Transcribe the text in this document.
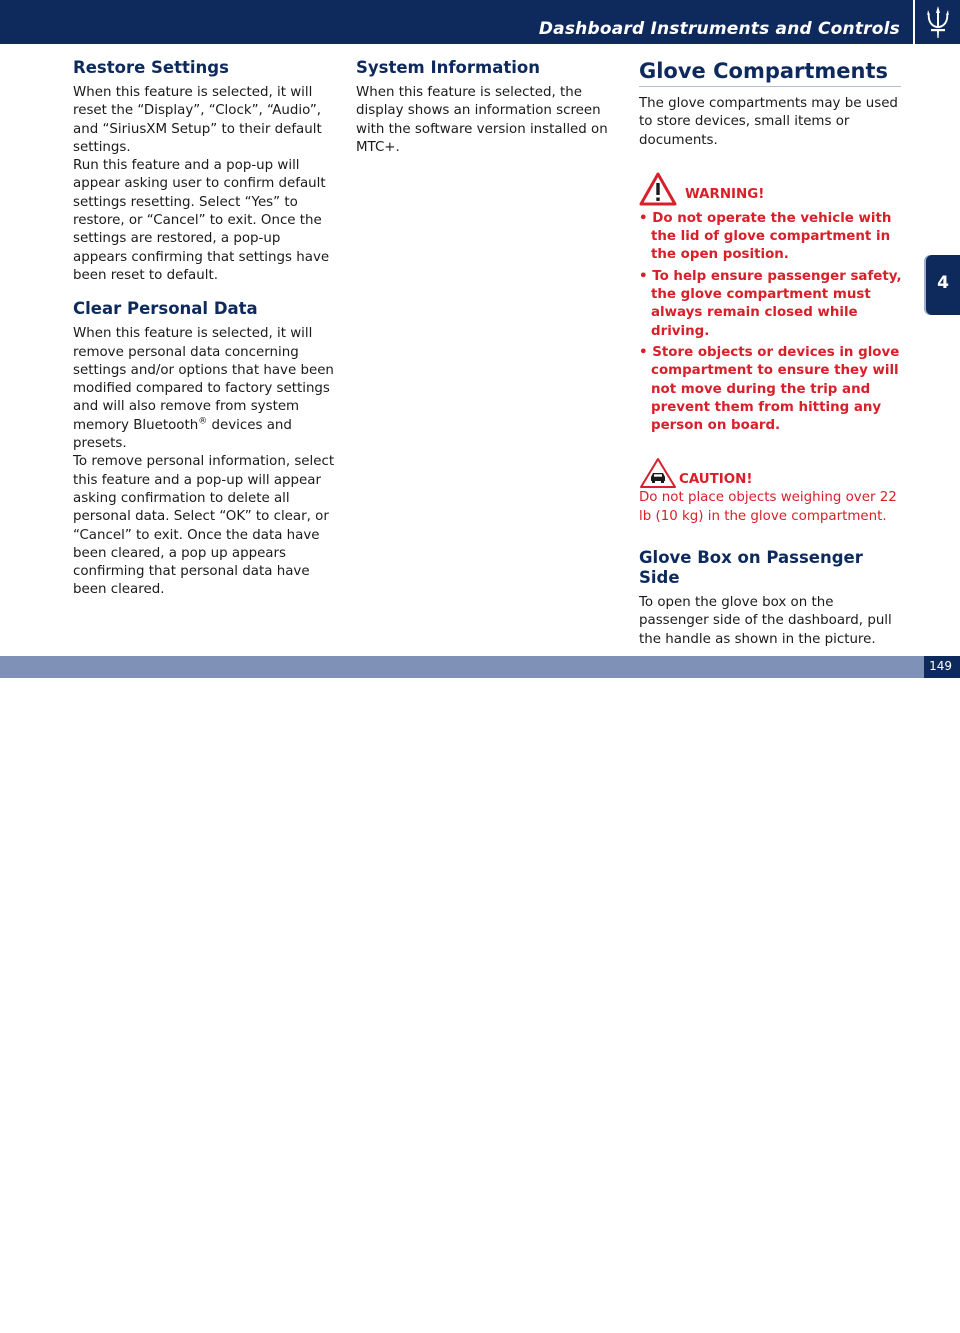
Dashboard Instruments and Controls
Restore Settings

When this feature is selected, it will reset the “Display”, “Clock”, “Audio”, and “SiriusXM Setup” to their default settings.

Run this feature and a pop-up will appear asking user to confirm default settings resetting. Select “Yes” to restore, or “Cancel” to exit. Once the settings are restored, a pop-up appears confirming that settings have been reset to default.

Clear Personal Data

When this feature is selected, it will remove personal data concerning settings and/or options that have been modified compared to factory settings and will also remove from system memory Bluetooth® devices and presets.

To remove personal information, select this feature and a pop-up will appear asking confirmation to delete all personal data. Select “OK” to clear, or “Cancel” to exit. Once the data have been cleared, a pop up appears confirming that personal data have been cleared.

System Information

When this feature is selected, the display shows an information screen with the software version installed on MTC+.

Glove Compartments

The glove compartments may be used to store devices, small items or documents.

WARNING!
• Do not operate the vehicle with the lid of glove compartment in the open position.
• To help ensure passenger safety, the glove compartment must always remain closed while driving.
• Store objects or devices in glove compartment to ensure they will not move during the trip and prevent them from hitting any person on board.
CAUTION!

Do not place objects weighing over 22 lb (10 kg) in the glove compartment.

Glove Box on Passenger Side

To open the glove box on the passenger side of the dashboard, pull the handle as shown in the picture.

4
carmanualsonline.info
149
